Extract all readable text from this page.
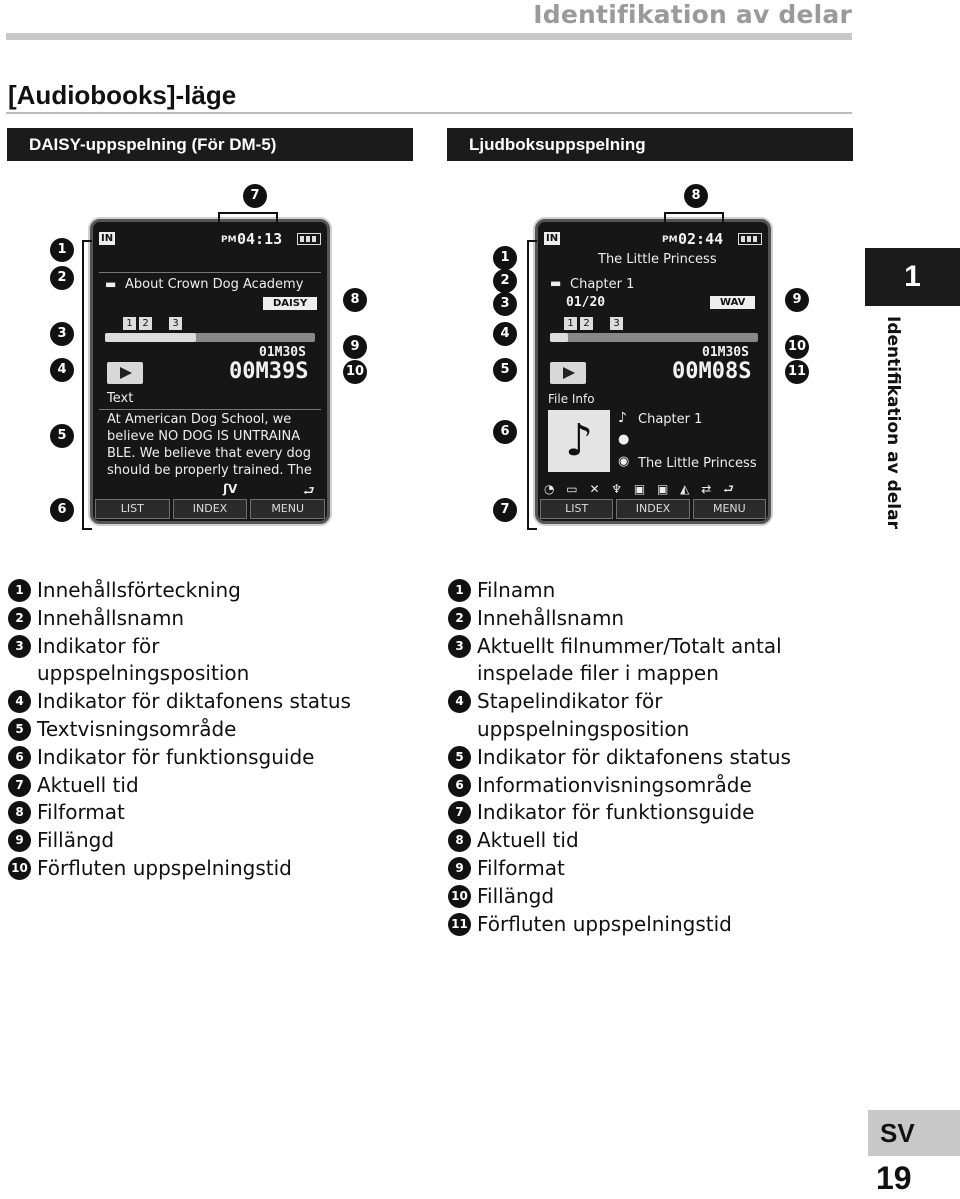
Identifikation av delar
[Audiobooks]-läge
DAISY-uppspelning (För DM-5)	Ljudboksuppspelning
IN	PM 04:13
▬ About Crown Dog Academy
DAISY
1 2	3
01M30S
00M39S
Text
At American Dog School, we
believe NO DOG IS UNTRAINA
BLE. We believe that every dog
should be properly trained. The
ʃV	⮐
LIST	INDEX	MENU
1
2
3
4
5
6
7
8
9
10
IN	PM 02:44
The Little Princess
▬ Chapter 1
01/20	WAV
1 2	3
01M30S
00M08S
File Info
♪	♪ Chapter 1
●
◉ The Little Princess
◔ ▭ ✕ ♆ ▣ ▣ ◭ ⇄ ⮐
LIST	INDEX	MENU
1
2
3
4
5
6
7
8
9
10
11
1
Identifikation av delar
1 Innehållsförteckning
2 Innehållsnamn
3 Indikator för uppspelningsposition
4 Indikator för diktafonens status
5 Textvisningsområde
6 Indikator för funktionsguide
7 Aktuell tid
8 Filformat
9 Fillängd
10 Förfluten uppspelningstid
1 Filnamn
2 Innehållsnamn
3 Aktuellt filnummer/Totalt antal inspelade filer i mappen
4 Stapelindikator för uppspelningsposition
5 Indikator för diktafonens status
6 Informationvisningsområde
7 Indikator för funktionsguide
8 Aktuell tid
9 Filformat
10 Fillängd
11 Förfluten uppspelningstid
SV
19
